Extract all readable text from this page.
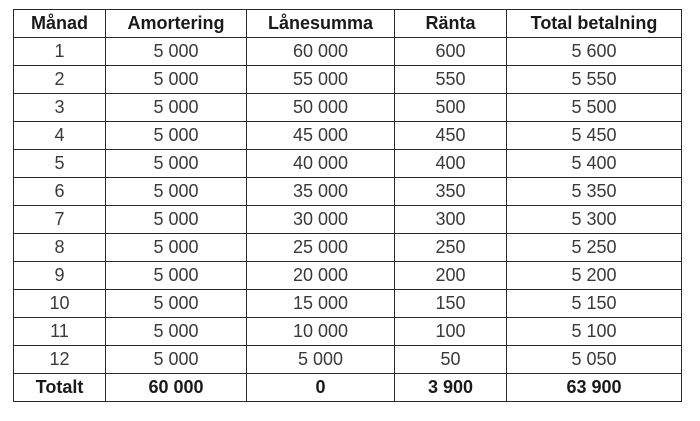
Månad	Amortering	Lånesumma	Ränta	Total betalning
1	5 000	60 000	600	5 600
2	5 000	55 000	550	5 550
3	5 000	50 000	500	5 500
4	5 000	45 000	450	5 450
5	5 000	40 000	400	5 400
6	5 000	35 000	350	5 350
7	5 000	30 000	300	5 300
8	5 000	25 000	250	5 250
9	5 000	20 000	200	5 200
10	5 000	15 000	150	5 150
11	5 000	10 000	100	5 100
12	5 000	5 000	50	5 050
Totalt	60 000	0	3 900	63 900
